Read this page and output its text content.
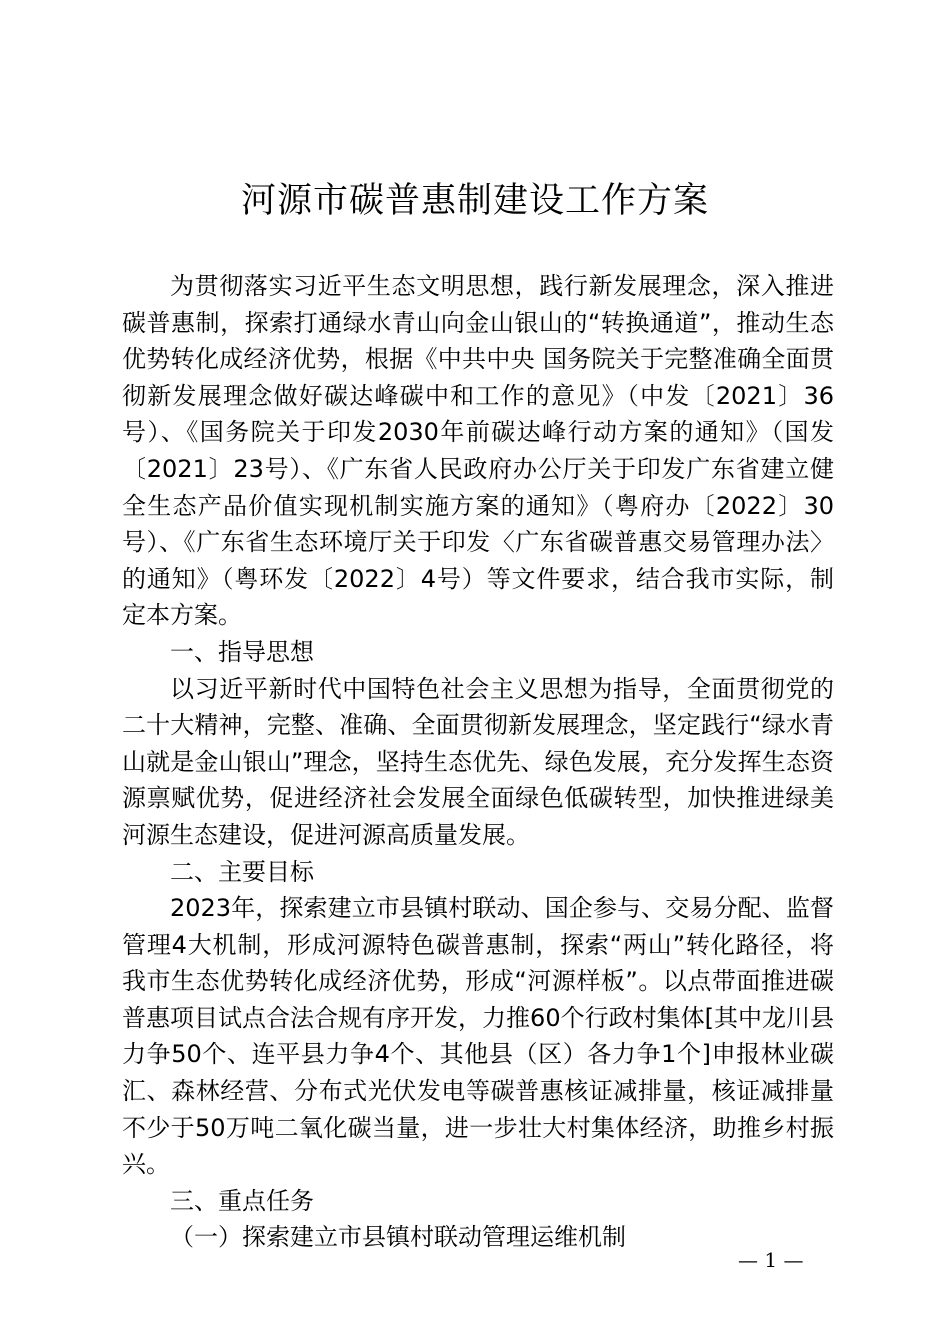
河源市碳普惠制建设工作方案

为贯彻落实习近平生态文明思想，践行新发展理念，深入推进碳普惠制，探索打通绿水青山向金山银山的“转换通道”，推动生态优势转化成经济优势，根据《中共中央 国务院关于完整准确全面贯彻新发展理念做好碳达峰碳中和工作的意见》（中发〔2021〕36号）、《国务院关于印发2030年前碳达峰行动方案的通知》（国发〔2021〕23号）、《广东省人民政府办公厅关于印发广东省建立健全生态产品价值实现机制实施方案的通知》（粤府办〔2022〕30号）、《广东省生态环境厅关于印发〈广东省碳普惠交易管理办法〉的通知》（粤环发〔2022〕4号）等文件要求，结合我市实际，制定本方案。

一、指导思想

以习近平新时代中国特色社会主义思想为指导，全面贯彻党的二十大精神，完整、准确、全面贯彻新发展理念，坚定践行“绿水青山就是金山银山”理念，坚持生态优先、绿色发展，充分发挥生态资源禀赋优势，促进经济社会发展全面绿色低碳转型，加快推进绿美河源生态建设，促进河源高质量发展。

二、主要目标

2023年，探索建立市县镇村联动、国企参与、交易分配、监督管理4大机制，形成河源特色碳普惠制，探索“两山”转化路径，将我市生态优势转化成经济优势，形成“河源样板”。以点带面推进碳普惠项目试点合法合规有序开发，力推60个行政村集体[其中龙川县力争50个、连平县力争4个、其他县（区）各力争1个]申报林业碳汇、森林经营、分布式光伏发电等碳普惠核证减排量，核证减排量不少于50万吨二氧化碳当量，进一步壮大村集体经济，助推乡村振兴。

三、重点任务

（一）探索建立市县镇村联动管理运维机制

— 1 —
